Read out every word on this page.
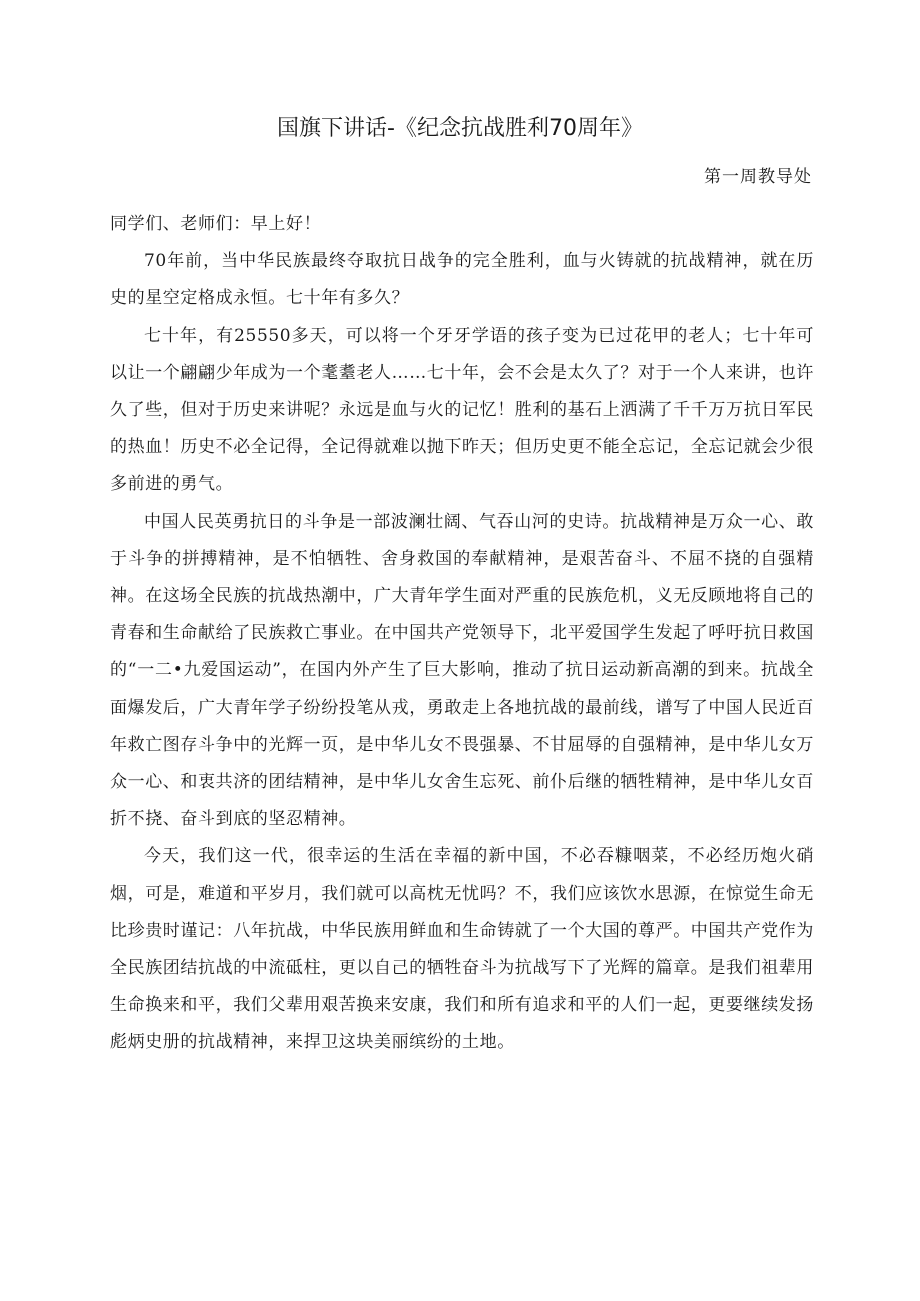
国旗下讲话-《纪念抗战胜利70周年》
第一周教导处

同学们、老师们：早上好！

70年前，当中华民族最终夺取抗日战争的完全胜利，血与火铸就的抗战精神，就在历史的星空定格成永恒。七十年有多久？

七十年，有25550多天，可以将一个牙牙学语的孩子变为已过花甲的老人；七十年可以让一个翩翩少年成为一个耄耋老人……七十年，会不会是太久了？对于一个人来讲，也许久了些，但对于历史来讲呢？永远是血与火的记忆！胜利的基石上洒满了千千万万抗日军民的热血！历史不必全记得，全记得就难以抛下昨天；但历史更不能全忘记，全忘记就会少很多前进的勇气。

中国人民英勇抗日的斗争是一部波澜壮阔、气吞山河的史诗。抗战精神是万众一心、敢于斗争的拼搏精神，是不怕牺牲、舍身救国的奉献精神，是艰苦奋斗、不屈不挠的自强精神。在这场全民族的抗战热潮中，广大青年学生面对严重的民族危机，义无反顾地将自己的青春和生命献给了民族救亡事业。在中国共产党领导下，北平爱国学生发起了呼吁抗日救国的“一二•九爱国运动”，在国内外产生了巨大影响，推动了抗日运动新高潮的到来。抗战全面爆发后，广大青年学子纷纷投笔从戎，勇敢走上各地抗战的最前线，谱写了中国人民近百年救亡图存斗争中的光辉一页，是中华儿女不畏强暴、不甘屈辱的自强精神，是中华儿女万众一心、和衷共济的团结精神，是中华儿女舍生忘死、前仆后继的牺牲精神，是中华儿女百折不挠、奋斗到底的坚忍精神。

今天，我们这一代，很幸运的生活在幸福的新中国，不必吞糠咽菜，不必经历炮火硝烟，可是，难道和平岁月，我们就可以高枕无忧吗？不，我们应该饮水思源，在惊觉生命无比珍贵时谨记：八年抗战，中华民族用鲜血和生命铸就了一个大国的尊严。中国共产党作为全民族团结抗战的中流砥柱，更以自己的牺牲奋斗为抗战写下了光辉的篇章。是我们祖辈用生命换来和平，我们父辈用艰苦换来安康，我们和所有追求和平的人们一起，更要继续发扬彪炳史册的抗战精神，来捍卫这块美丽缤纷的土地。
